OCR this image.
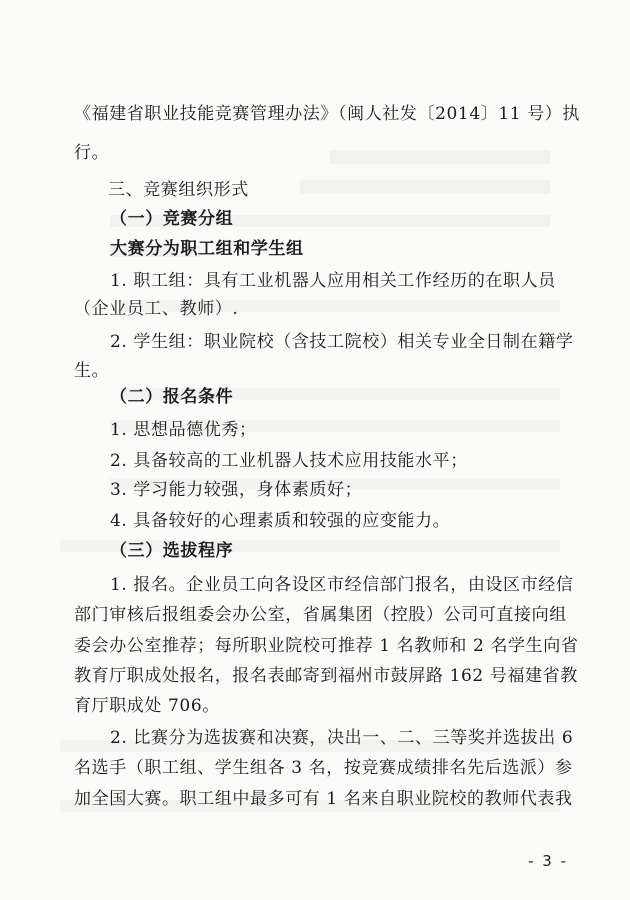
《福建省职业技能竞赛管理办法》（闽人社发〔2014〕11 号）执
行。
三、竞赛组织形式
（一）竞赛分组
大赛分为职工组和学生组
1. 职工组：具有工业机器人应用相关工作经历的在职人员
（企业员工、教师）.
2. 学生组：职业院校（含技工院校）相关专业全日制在籍学
生。
（二）报名条件
1. 思想品德优秀；
2. 具备较高的工业机器人技术应用技能水平；
3. 学习能力较强，身体素质好；
4. 具备较好的心理素质和较强的应变能力。
（三）选拔程序
1. 报名。企业员工向各设区市经信部门报名，由设区市经信
部门审核后报组委会办公室，省属集团（控股）公司可直接向组
委会办公室推荐；每所职业院校可推荐 1 名教师和 2 名学生向省
教育厅职成处报名，报名表邮寄到福州市鼓屏路 162 号福建省教
育厅职成处 706。
2. 比赛分为选拔赛和决赛，决出一、二、三等奖并选拔出 6
名选手（职工组、学生组各 3 名，按竞赛成绩排名先后选派）参
加全国大赛。职工组中最多可有 1 名来自职业院校的教师代表我
- 3 -
